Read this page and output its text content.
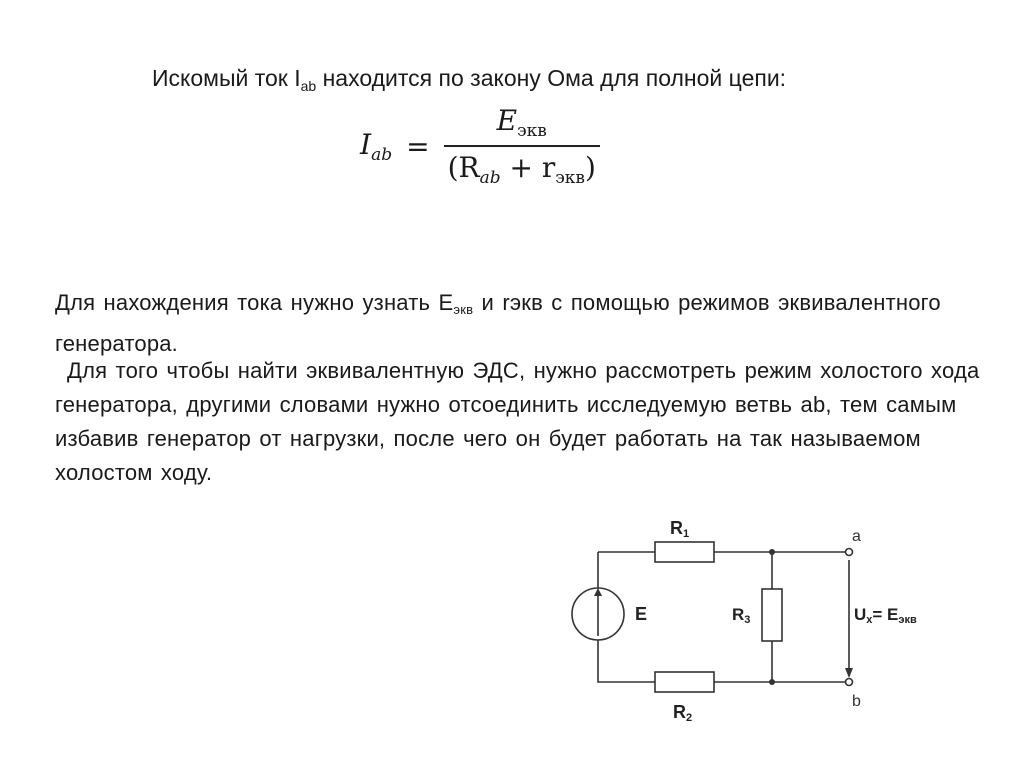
Искомый ток $I_{ab}$ находится по закону Ома для полной цепи:
$I_{ab} = \frac{E_{экв}}{(R_{ab} + r_{экв})}$
Для нахождения тока нужно узнать $E_{экв}$ и rэкв с помощью режимов эквивалентного генератора.
Для того чтобы найти эквивалентную ЭДС, нужно рассмотреть режим холостого хода генератора, другими словами нужно отсоединить исследуемую ветвь ab, тем самым избавив генератор от нагрузки, после чего он будет работать на так называемом холостом ходу.
R1
R2
R3
E
a
b
Ux= Eэкв
